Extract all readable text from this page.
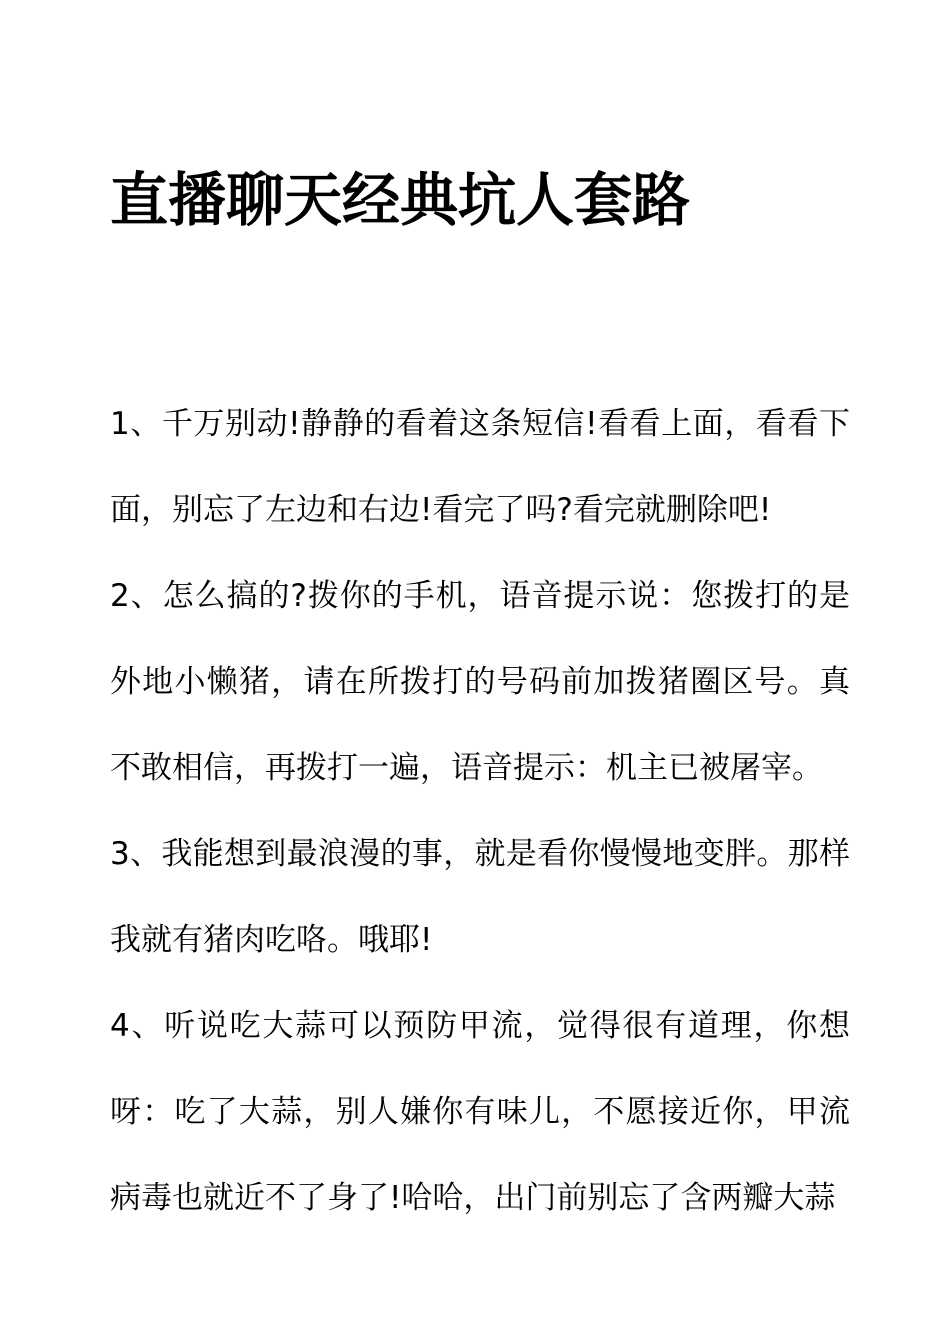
直播聊天经典坑人套路

1、千万别动!静静的看着这条短信!看看上面，看看下面，别忘了左边和右边!看完了吗?看完就删除吧!

2、怎么搞的?拨你的手机，语音提示说：您拨打的是外地小懒猪，请在所拨打的号码前加拨猪圈区号。真不敢相信，再拨打一遍，语音提示：机主已被屠宰。

3、我能想到最浪漫的事，就是看你慢慢地变胖。那样我就有猪肉吃咯。哦耶!

4、听说吃大蒜可以预防甲流，觉得很有道理，你想呀：吃了大蒜，别人嫌你有味儿，不愿接近你，甲流病毒也就近不了身了!哈哈，出门前别忘了含两瓣大蒜
